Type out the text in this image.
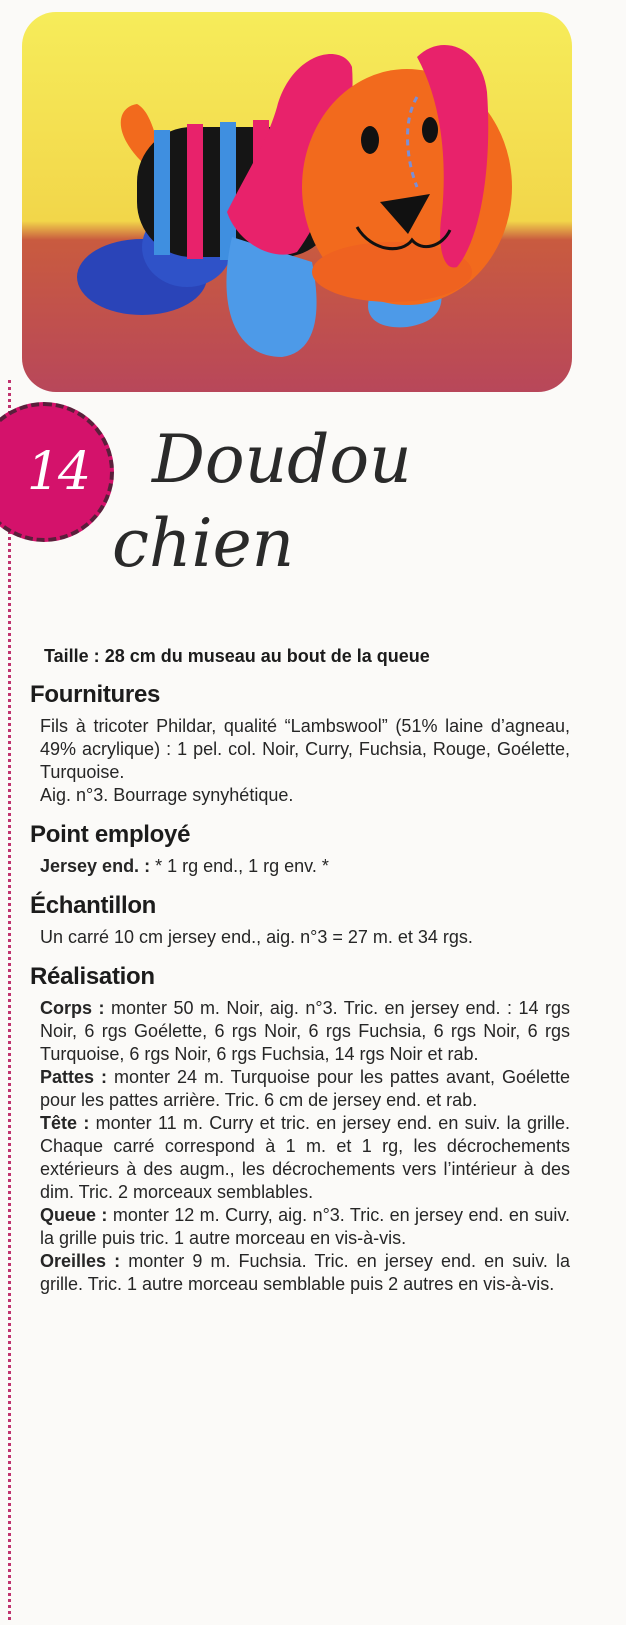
14 Doudou
chien

Taille : 28 cm du museau au bout de la queue

Fournitures

Fils à tricoter Phildar, qualité “Lambswool” (51% laine d’agneau, 49% acrylique) : 1 pel. col. Noir, Curry, Fuchsia, Rouge, Goélette, Turquoise.
Aig. n°3. Bourrage synyhétique.

Point employé

Jersey end. : * 1 rg end., 1 rg env. *

Échantillon

Un carré 10 cm jersey end., aig. n°3 = 27 m. et 34 rgs.

Réalisation

Corps : monter 50 m. Noir, aig. n°3. Tric. en jersey end. : 14 rgs Noir, 6 rgs Goélette, 6 rgs Noir, 6 rgs Fuchsia, 6 rgs Noir, 6 rgs Turquoise, 6 rgs Noir, 6 rgs Fuchsia, 14 rgs Noir et rab.

Pattes : monter 24 m. Turquoise pour les pattes avant, Goélette pour les pattes arrière. Tric. 6 cm de jersey end. et rab.

Tête : monter 11 m. Curry et tric. en jersey end. en suiv. la grille. Chaque carré correspond à 1 m. et 1 rg, les décrochements extérieurs à des augm., les décrochements vers l’intérieur à des dim. Tric. 2 morceaux semblables.

Queue : monter 12 m. Curry, aig. n°3. Tric. en jersey end. en suiv. la grille puis tric. 1 autre morceau en vis-à-vis.

Oreilles : monter 9 m. Fuchsia. Tric. en jersey end. en suiv. la grille. Tric. 1 autre morceau semblable puis 2 autres en vis-à-vis.
